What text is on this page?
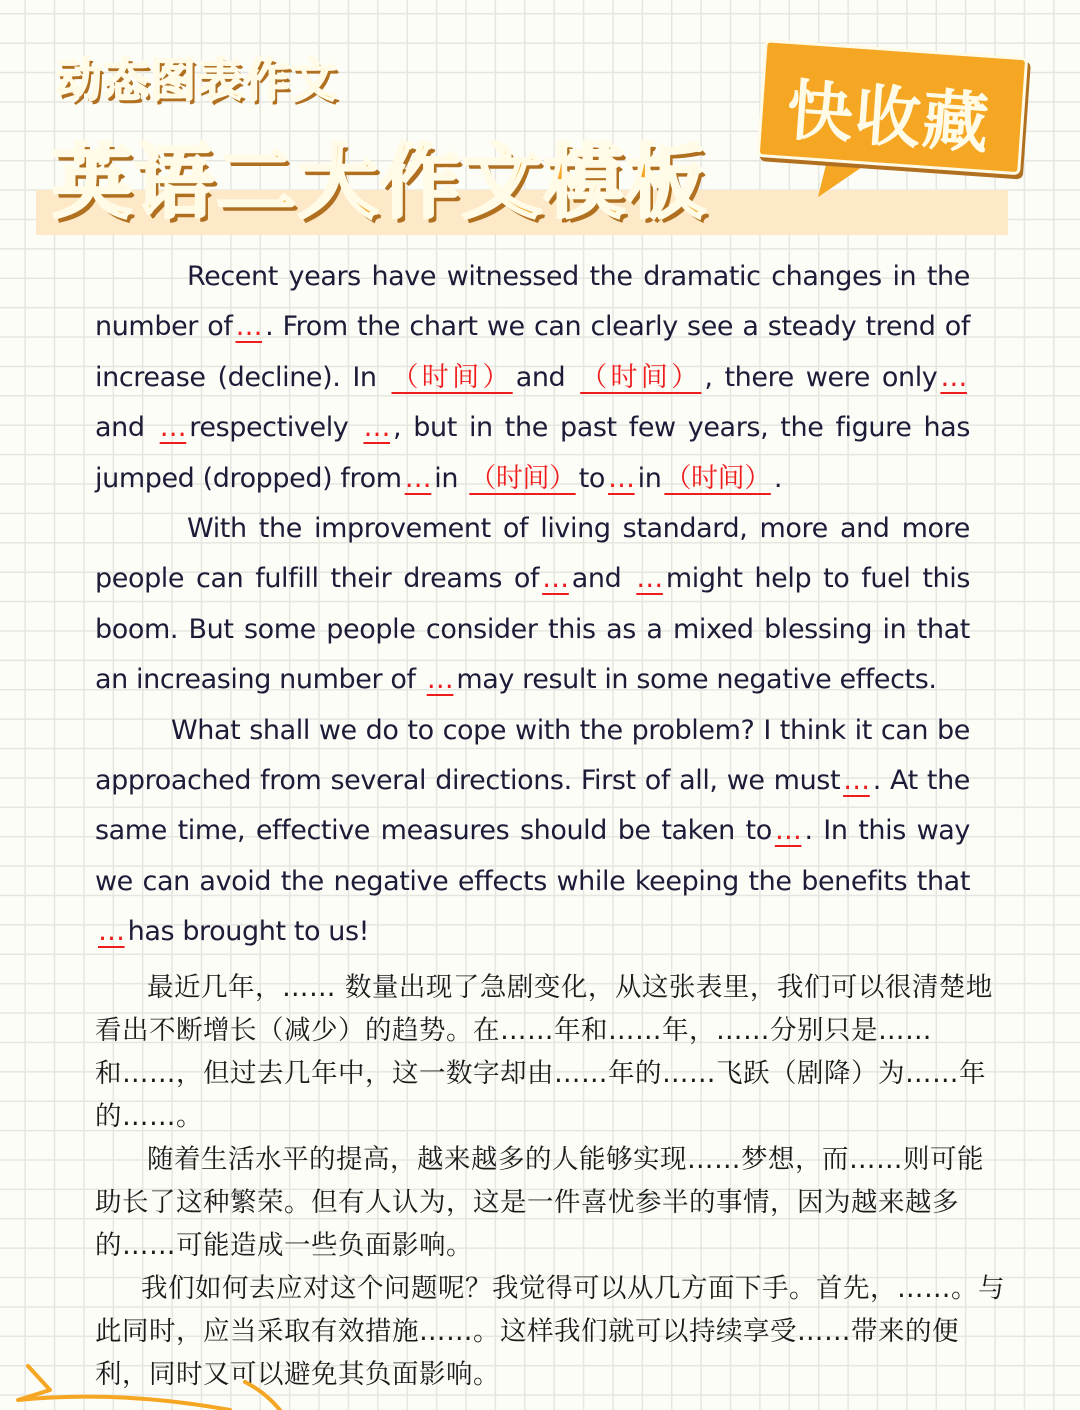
动态图表作文
英语二大作文模板
快收藏

Recent years have witnessed the dramatic changes in the number of … . From the chart we can clearly see a steady trend of increase (decline). In （时间） and （时间） , there were only … and … respectively … , but in the past few years, the figure has jumped (dropped) from … in （时间） to … in （时间） .

With the improvement of living standard, more and more people can fulfill their dreams of … and … might help to fuel this boom. But some people consider this as a mixed blessing in that an increasing number of … may result in some negative effects.

What shall we do to cope with the problem? I think it can be approached from several directions. First of all, we must … . At the same time, effective measures should be taken to … . In this way we can avoid the negative effects while keeping the benefits that … has brought to us!

最近几年，…… 数量出现了急剧变化，从这张表里，我们可以很清楚地看出不断增长（减少）的趋势。在……年和……年，……分别只是……和……，但过去几年中，这一数字却由……年的……飞跃（剧降）为……年的……。

随着生活水平的提高，越来越多的人能够实现……梦想，而……则可能助长了这种繁荣。但有人认为，这是一件喜忧参半的事情，因为越来越多的……可能造成一些负面影响。

我们如何去应对这个问题呢？我觉得可以从几方面下手。首先，……。与此同时，应当采取有效措施……。这样我们就可以持续享受……带来的便利，同时又可以避免其负面影响。
